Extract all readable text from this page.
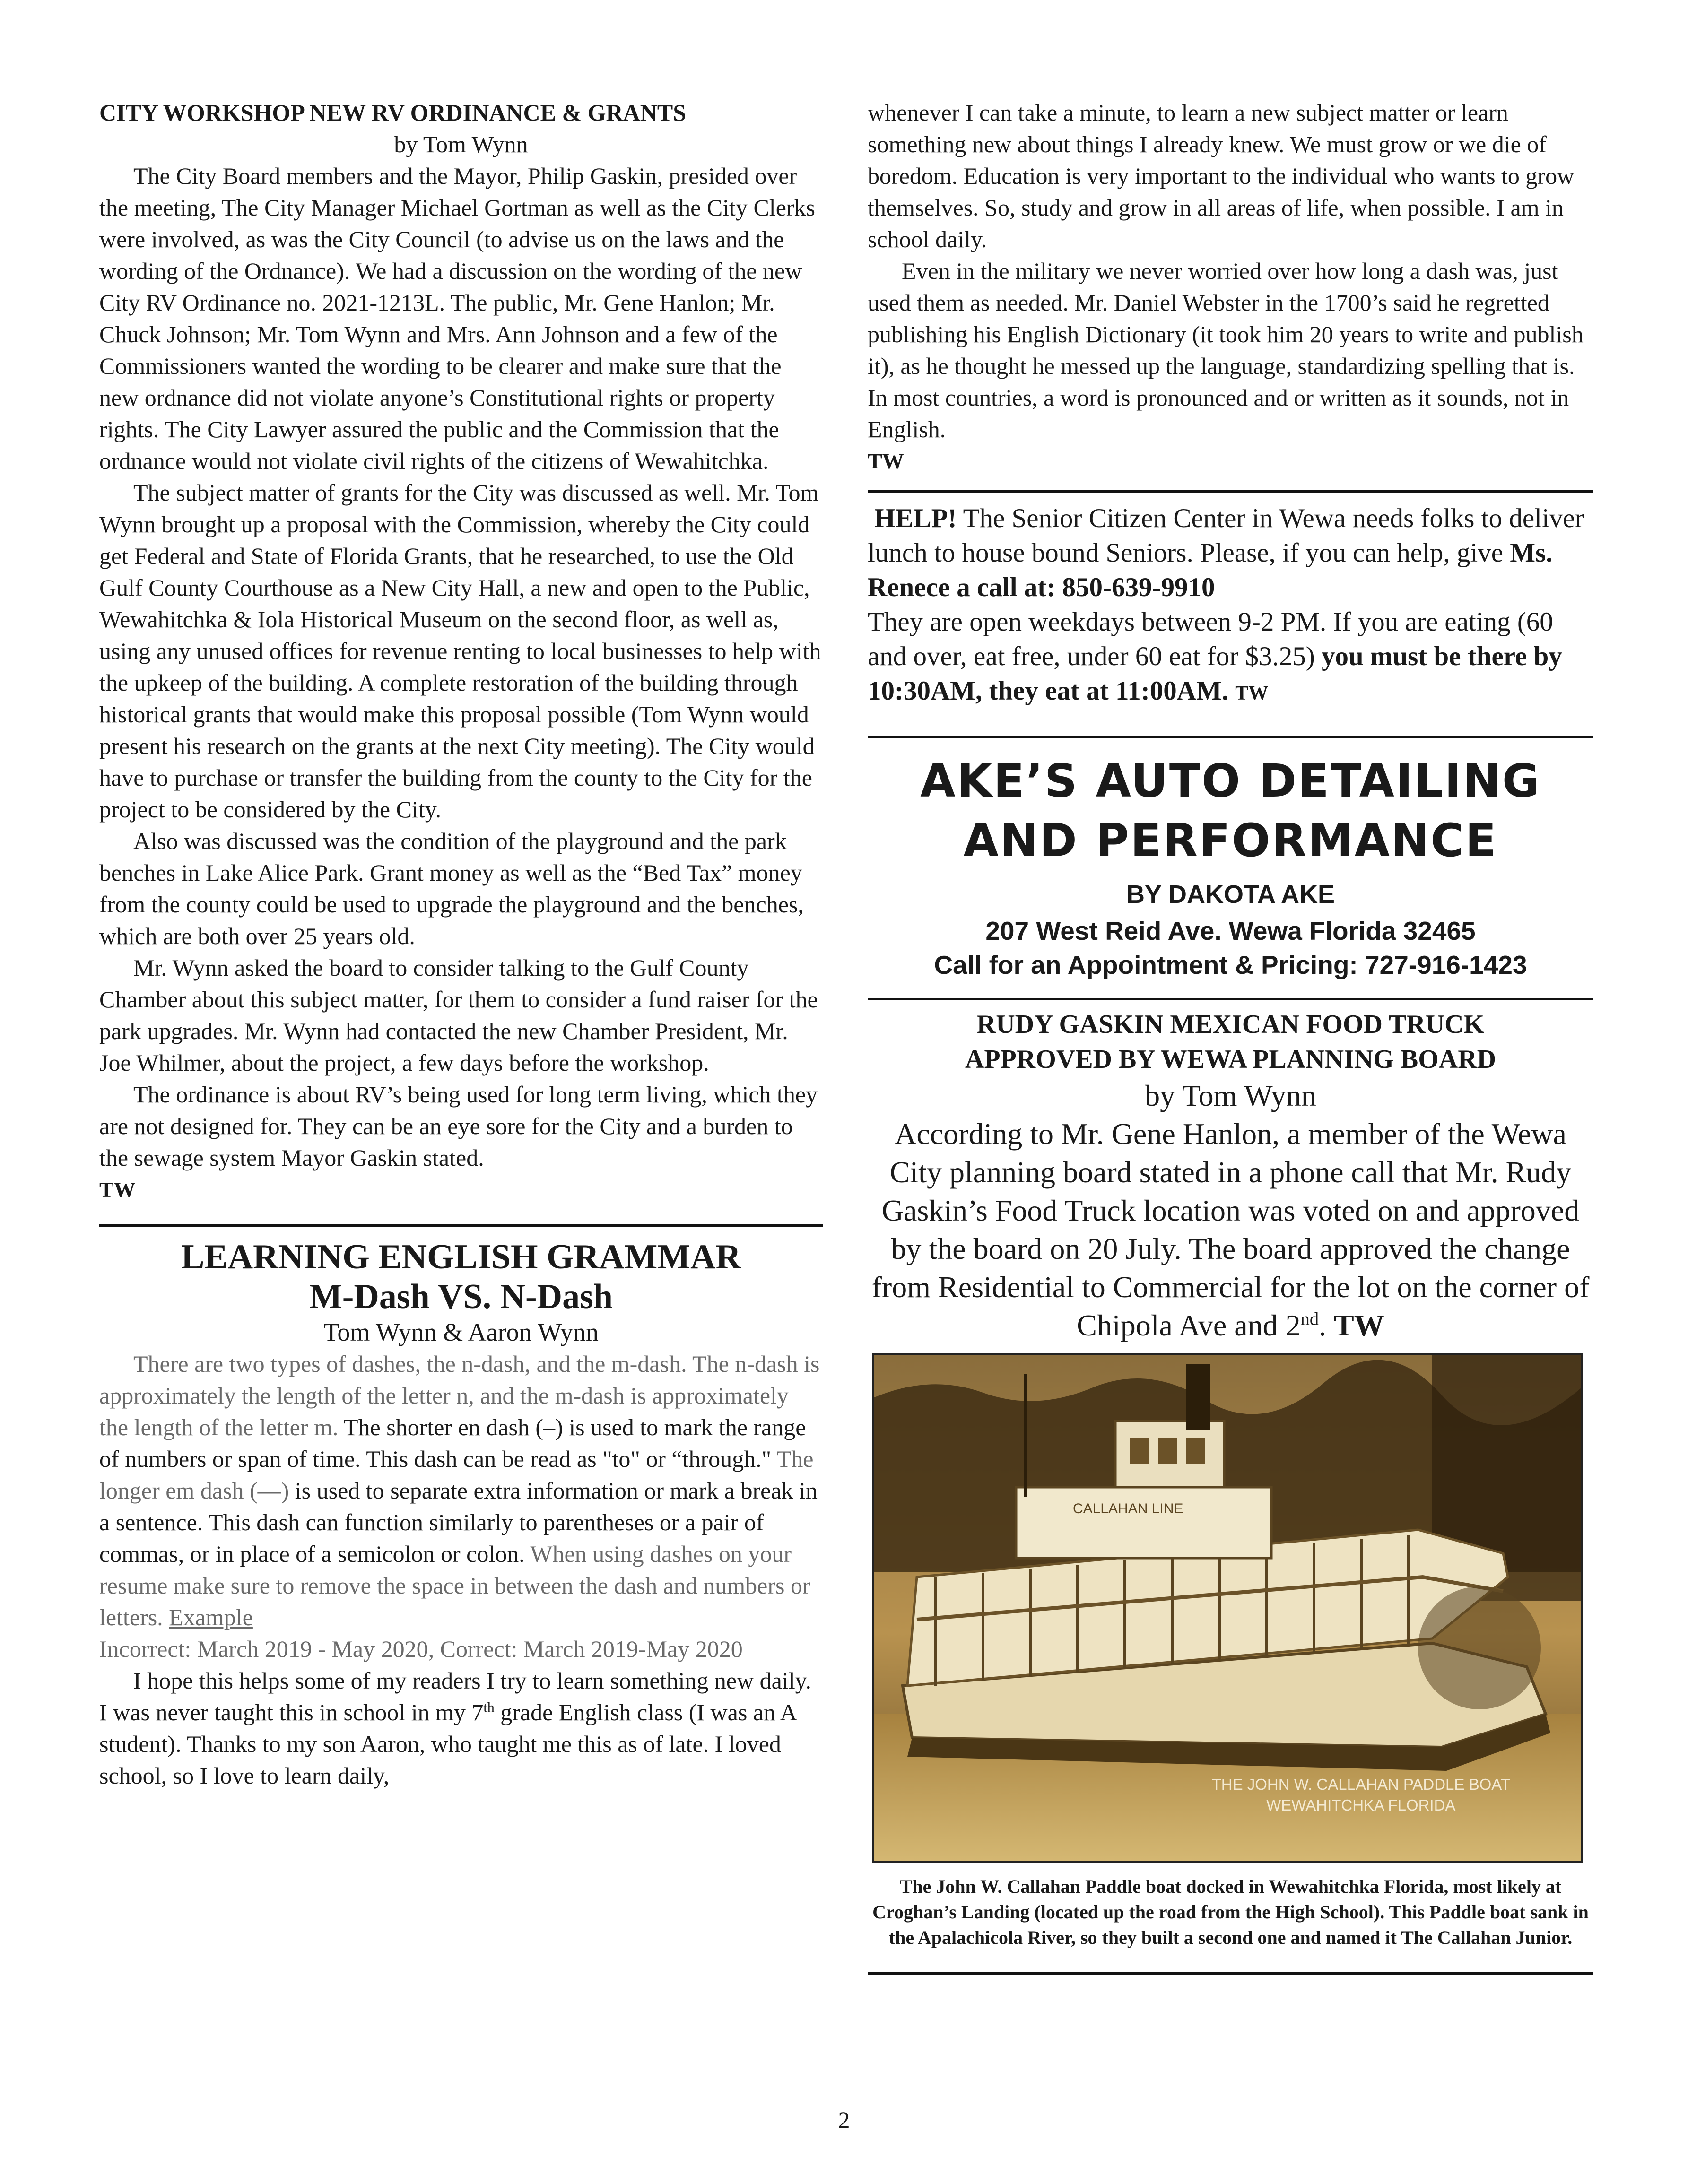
CITY WORKSHOP NEW RV ORDINANCE & GRANTS

by Tom Wynn

The City Board members and the Mayor, Philip Gaskin, presided over the meeting, The City Manager Michael Gortman as well as the City Clerks were involved, as was the City Council (to advise us on the laws and the wording of the Ordnance). We had a discussion on the wording of the new City RV Ordinance no. 2021-1213L. The public, Mr. Gene Hanlon; Mr. Chuck Johnson; Mr. Tom Wynn and Mrs. Ann Johnson and a few of the Commissioners wanted the wording to be clearer and make sure that the new ordnance did not violate anyone’s Constitutional rights or property rights. The City Lawyer assured the public and the Commission that the ordnance would not violate civil rights of the citizens of Wewahitchka.

The subject matter of grants for the City was discussed as well. Mr. Tom Wynn brought up a proposal with the Commission, whereby the City could get Federal and State of Florida Grants, that he researched, to use the Old Gulf County Courthouse as a New City Hall, a new and open to the Public, Wewahitchka & Iola Historical Museum on the second floor, as well as, using any unused offices for revenue renting to local businesses to help with the upkeep of the building. A complete restoration of the building through historical grants that would make this proposal possible (Tom Wynn would present his research on the grants at the next City meeting). The City would have to purchase or transfer the building from the county to the City for the project to be considered by the City.

Also was discussed was the condition of the playground and the park benches in Lake Alice Park. Grant money as well as the “Bed Tax” money from the county could be used to upgrade the playground and the benches, which are both over 25 years old.

Mr. Wynn asked the board to consider talking to the Gulf County Chamber about this subject matter, for them to consider a fund raiser for the park upgrades. Mr. Wynn had contacted the new Chamber President, Mr. Joe Whilmer, about the project, a few days before the workshop.

The ordinance is about RV’s being used for long term living, which they are not designed for. They can be an eye sore for the City and a burden to the sewage system Mayor Gaskin stated.

TW

LEARNING ENGLISH GRAMMAR

M-Dash VS. N-Dash

Tom Wynn & Aaron Wynn

There are two types of dashes, the n-dash, and the m-dash. The n-dash is approximately the length of the letter n, and the m-dash is approximately the length of the letter m. The shorter en dash (–) is used to mark the range of numbers or span of time. This dash can be read as "to" or “through." The longer em dash (—) is used to separate extra information or mark a break in a sentence. This dash can function similarly to parentheses or a pair of commas, or in place of a semicolon or colon. When using dashes on your resume make sure to remove the space in between the dash and numbers or letters. Example

Incorrect: March 2019 - May 2020, Correct: March 2019-May 2020

I hope this helps some of my readers I try to learn something new daily. I was never taught this in school in my 7th grade English class (I was an A student). Thanks to my son Aaron, who taught me this as of late. I loved school, so I love to learn daily,

whenever I can take a minute, to learn a new subject matter or learn something new about things I already knew. We must grow or we die of boredom. Education is very important to the individual who wants to grow themselves. So, study and grow in all areas of life, when possible. I am in school daily.

Even in the military we never worried over how long a dash was, just used them as needed. Mr. Daniel Webster in the 1700’s said he regretted publishing his English Dictionary (it took him 20 years to write and publish it), as he thought he messed up the language, standardizing spelling that is. In most countries, a word is pronounced and or written as it sounds, not in English.

TW

HELP! The Senior Citizen Center in Wewa needs folks to deliver lunch to house bound Seniors. Please, if you can help, give Ms. Renece a call at: 850-639-9910

They are open weekdays between 9-2 PM. If you are eating (60 and over, eat free, under 60 eat for $3.25) you must be there by 10:30AM, they eat at 11:00AM. TW

AKE’S AUTO DETAILING

AND PERFORMANCE

BY DAKOTA AKE

207 West Reid Ave. Wewa Florida 32465

Call for an Appointment & Pricing: 727-916-1423

RUDY GASKIN MEXICAN FOOD TRUCK

APPROVED BY WEWA PLANNING BOARD

by Tom Wynn

According to Mr. Gene Hanlon, a member of the Wewa City planning board stated in a phone call that Mr. Rudy Gaskin’s Food Truck location was voted on and approved by the board on 20 July. The board approved the change from Residential to Commercial for the lot on the corner of Chipola Ave and 2nd. TW

CALLAHAN LINE
THE JOHN W. CALLAHAN PADDLE BOAT
WEWAHITCHKA FLORIDA

The John W. Callahan Paddle boat docked in Wewahitchka Florida, most likely at Croghan’s Landing (located up the road from the High School). This Paddle boat sank in the Apalachicola River, so they built a second one and named it The Callahan Junior.

2
